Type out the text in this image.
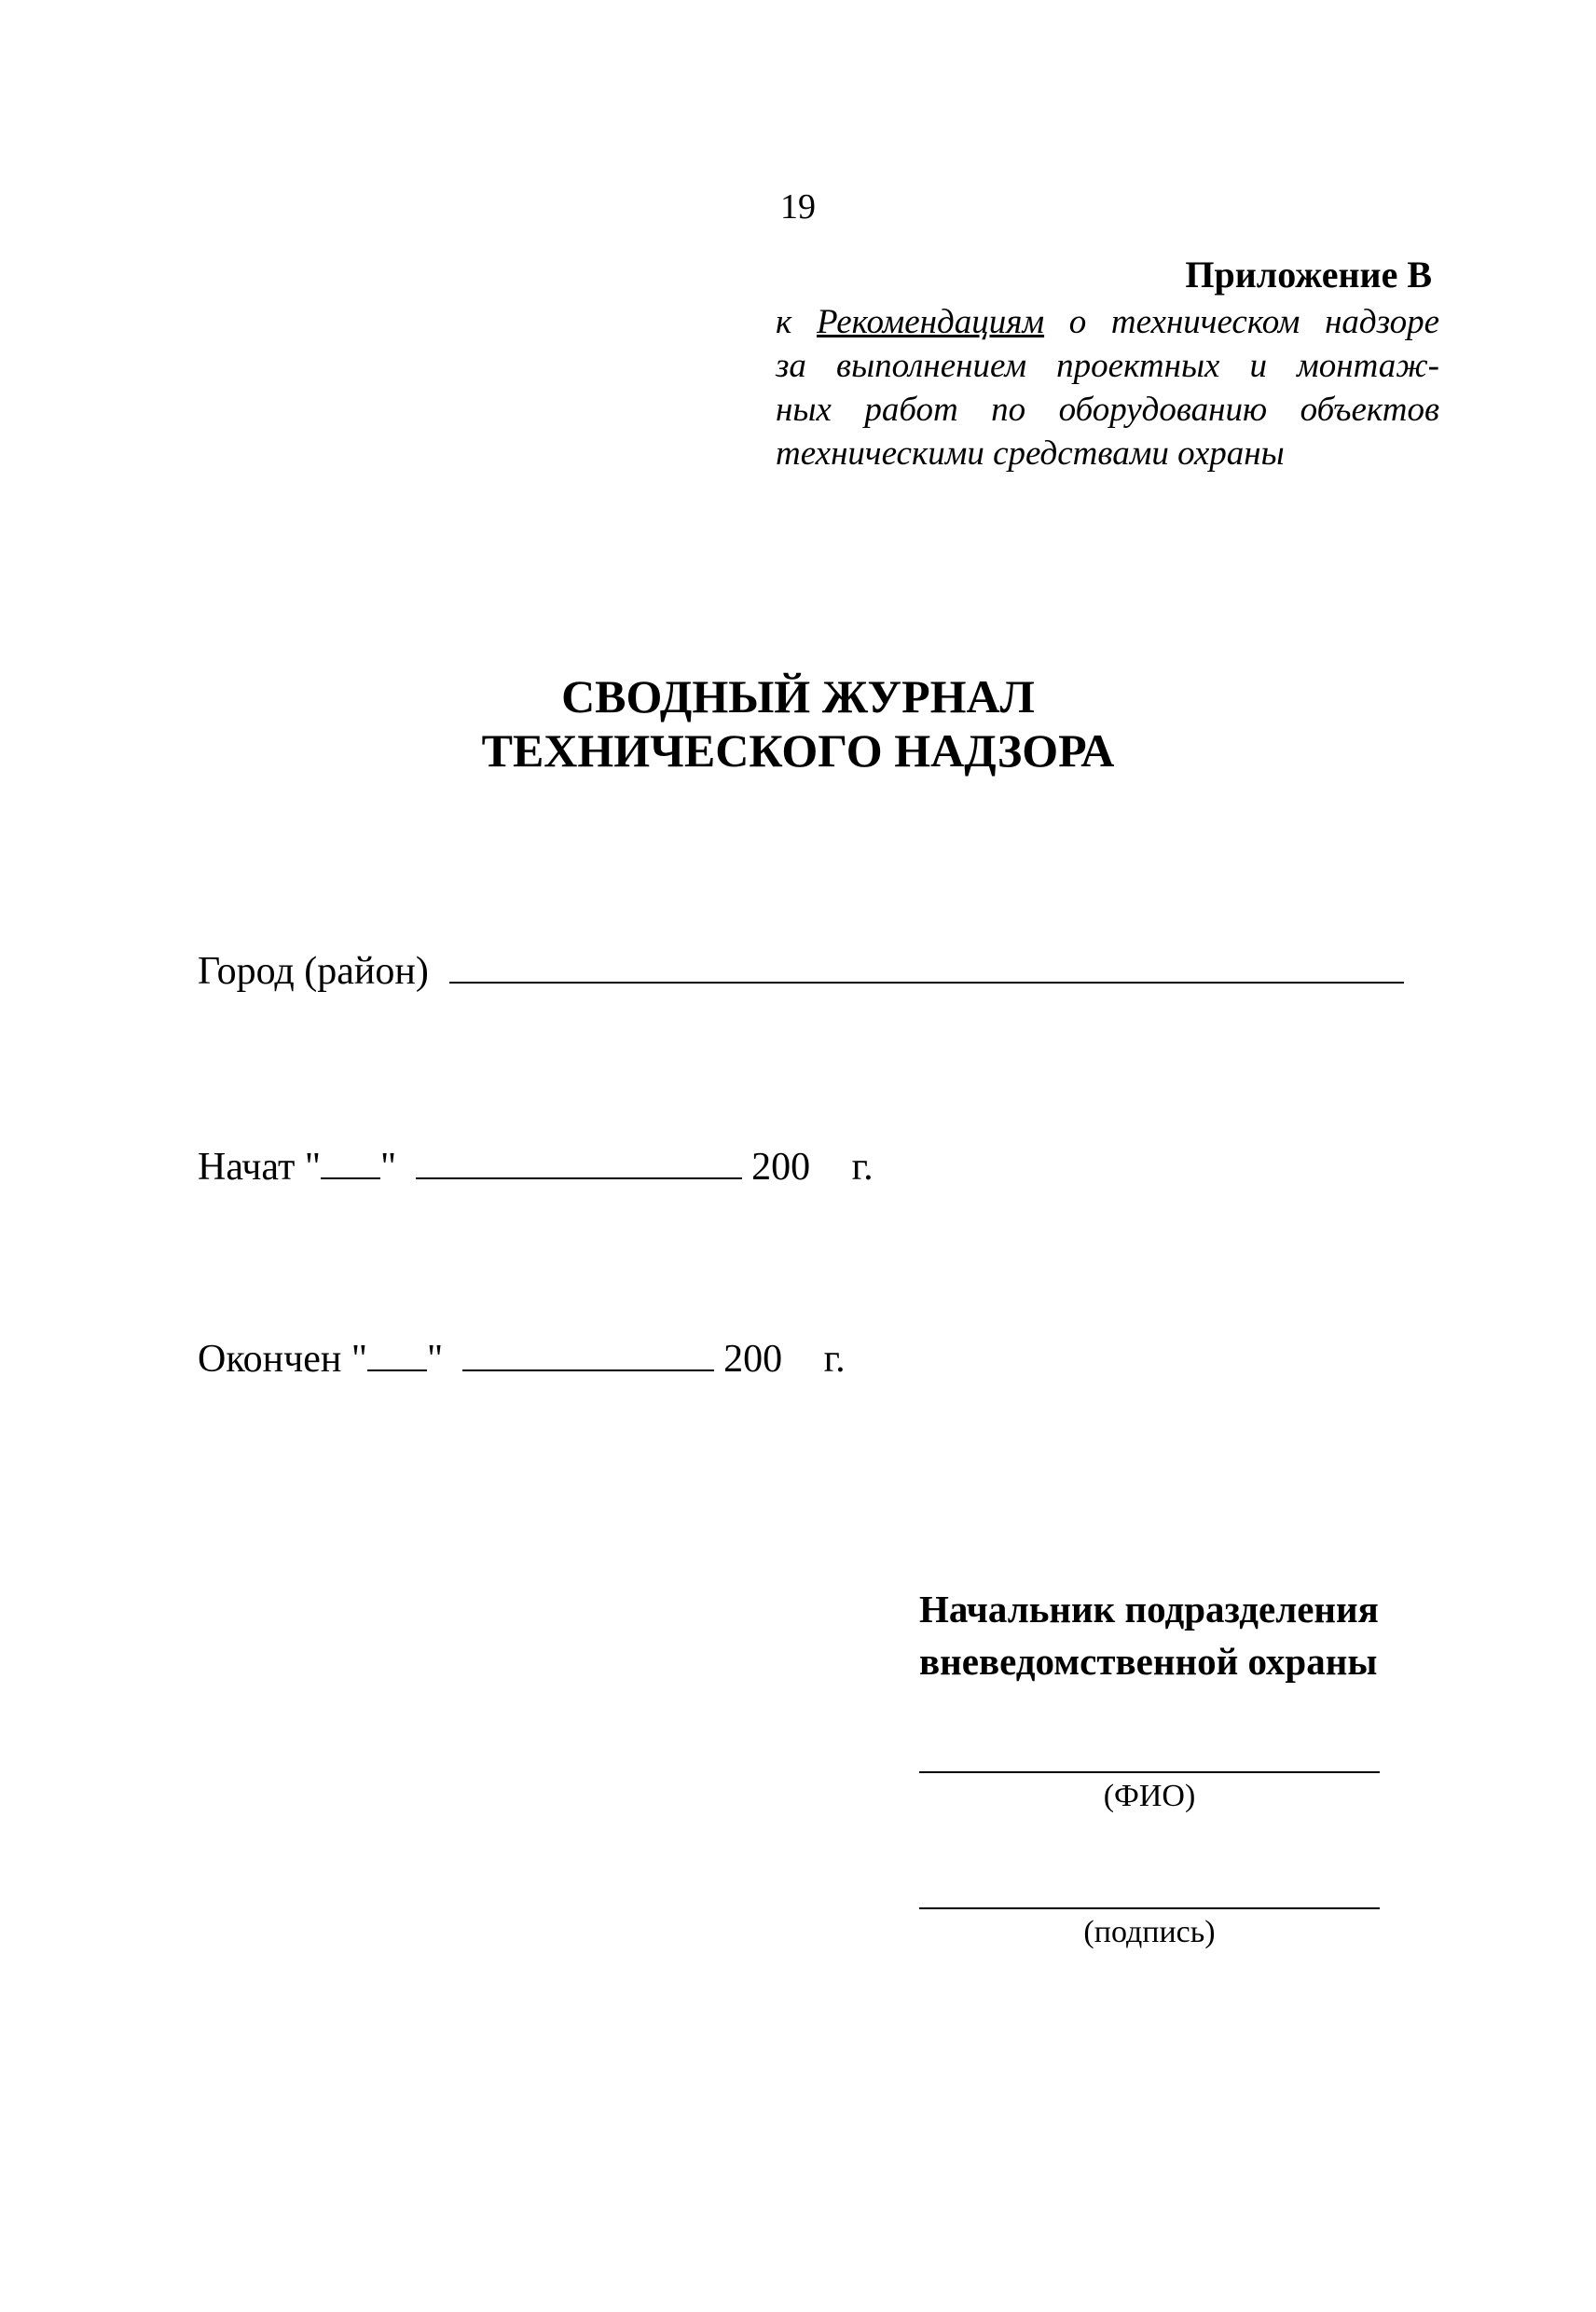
19
Приложение В
к Рекомендациям о техническом надзоре
за выполнением проектных и монтаж-
ных работ по оборудованию объектов
техническими средствами охраны
СВОДНЫЙ ЖУРНАЛ
ТЕХНИЧЕСКОГО НАДЗОРА
Город (район)
Начат " "	200 г.
Окончен " "	200 г.
Начальник подразделения
вневедомственной охраны
(ФИО)
(подпись)
